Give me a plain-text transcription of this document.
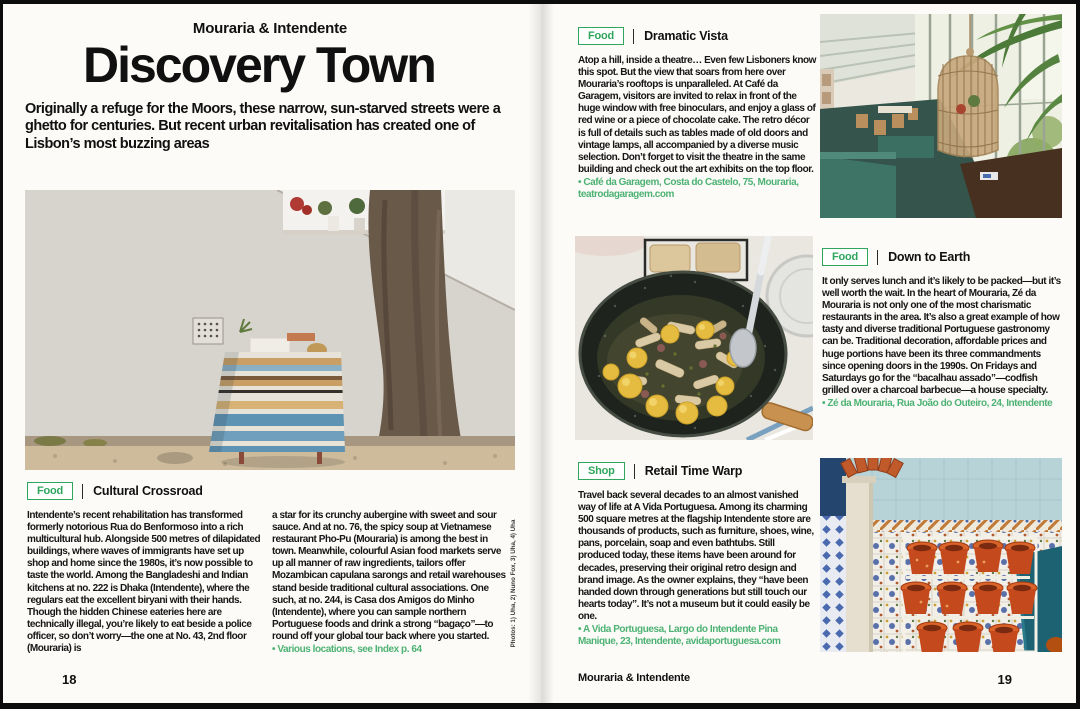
Mouraria & Intendente
Discovery Town
Originally a refuge for the Moors, these narrow, sun-starved streets were a ghetto for centuries. But recent urban revitalisation has created one of Lisbon’s most buzzing areas
Food	Cultural Crossroad
Intendente’s recent rehabilitation has transformed formerly notorious Rua do Benformoso into a rich multicultural hub. Alongside 500 metres of dilapidated buildings, where waves of immigrants have set up shop and home since the 1980s, it’s now possible to taste the world. Among the Bangladeshi and Indian kitchens at no. 222 is Dhaka (Intendente), where the regulars eat the excellent biryani with their hands. Though the hidden Chinese eateries here are technically illegal, you’re likely to eat beside a police officer, so don’t worry—the one at No. 43, 2nd floor (Mouraria) is
a star for its crunchy aubergine with sweet and sour sauce. And at no. 76, the spicy soup at Vietnamese restaurant Pho-Pu (Mouraria) is among the best in town. Meanwhile, colourful Asian food markets serve up all manner of raw ingredients, tailors offer Mozambican capulana sarongs and retail warehouses stand beside traditional cultural associations. One such, at no. 244, is Casa dos Amigos do Minho (Intendente), where you can sample northern Portuguese foods and drink a strong “bagaço”—to round off your global tour back where you started.
• Various locations, see Index p. 64
18
Photos: 1) Uha, 2) Nuno Fox, 3) Uha, 4) Uha
Food	Dramatic Vista
Atop a hill, inside a theatre… Even few Lisboners know this spot. But the view that soars from here over Mouraria’s rooftops is unparalleled. At Café da Garagem, visitors are invited to relax in front of the huge window with free binoculars, and enjoy a glass of red wine or a piece of chocolate cake. The retro décor is full of details such as tables made of old doors and vintage lamps, all accompanied by a diverse music selection. Don’t forget to visit the theatre in the same building and check out the art exhibits on the top floor.
• Café da Garagem, Costa do Castelo, 75, Mouraria, teatrodagaragem.com
Food	Down to Earth
It only serves lunch and it’s likely to be packed—but it’s well worth the wait. In the heart of Mouraria, Zé da Mouraria is not only one of the most charismatic restaurants in the area. It’s also a great example of how tasty and diverse traditional Portuguese gastronomy can be. Traditional decoration, affordable prices and huge portions have been its three commandments since opening doors in the 1990s. On Fridays and Saturdays go for the “bacalhau assado”—codfish grilled over a charcoal barbecue—a house specialty.
• Zé da Mouraria, Rua João do Outeiro, 24, Intendente
Shop	Retail Time Warp
Travel back several decades to an almost vanished way of life at A Vida Portuguesa. Among its charming 500 square metres at the flagship Intendente store are thousands of products, such as furniture, shoes, wine, pans, porcelain, soap and even bathtubs. Still produced today, these items have been around for decades, preserving their original retro design and brand image. As the owner explains, they “have been handed down through generations but still touch our hearts today”. It’s not a museum but it could easily be one.
• A Vida Portuguesa, Largo do Intendente Pina Manique, 23, Intendente, avidaportuguesa.com
Mouraria & Intendente	19
